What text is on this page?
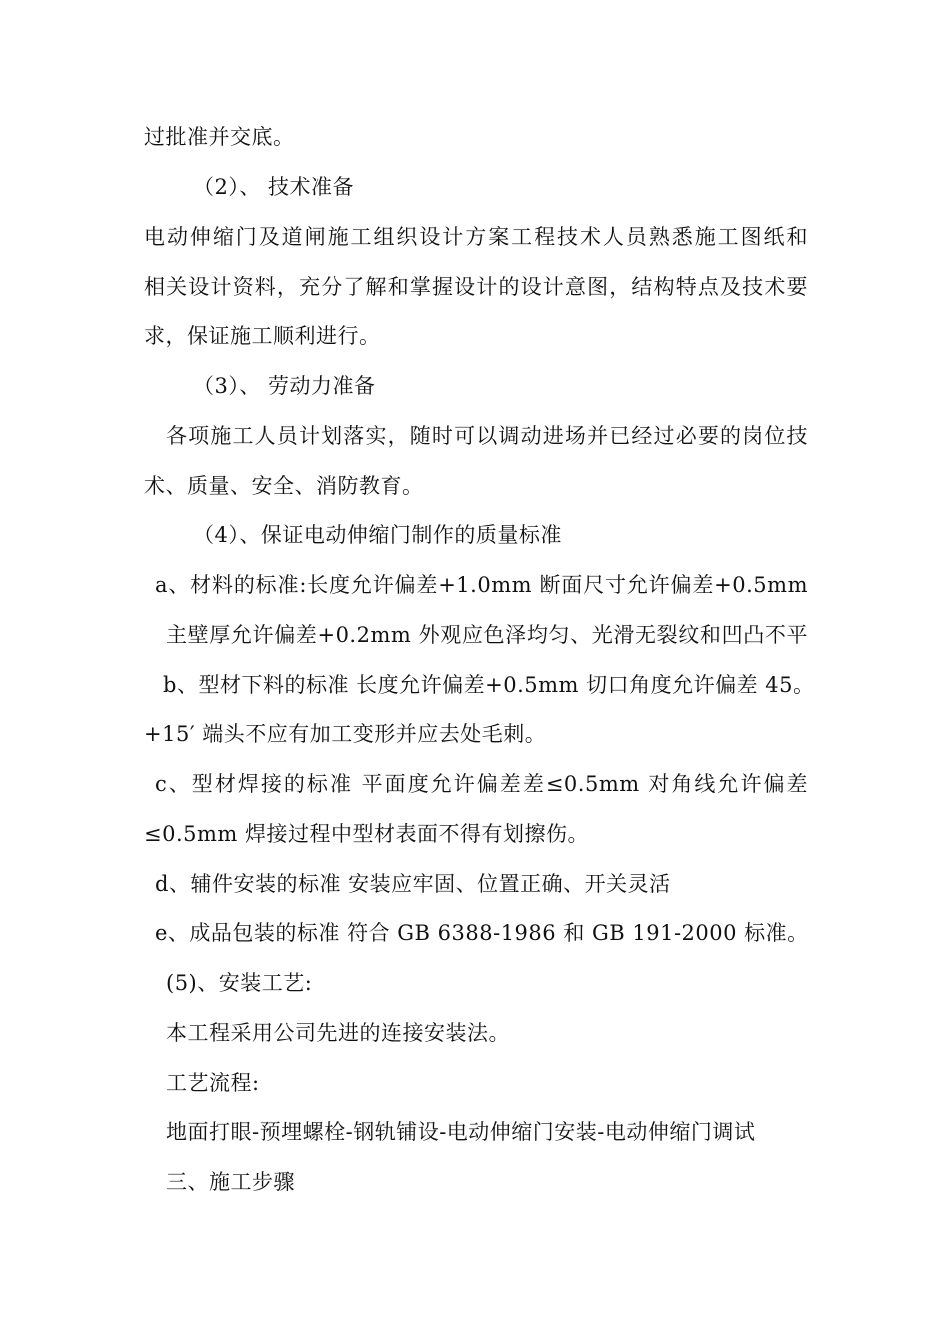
过批准并交底。
（2）、 技术准备
电动伸缩门及道闸施工组织设计方案工程技术人员熟悉施工图纸和
相关设计资料，充分了解和掌握设计的设计意图，结构特点及技术要
求，保证施工顺利进行。
（3）、 劳动力准备
各项施工人员计划落实，随时可以调动进场并已经过必要的岗位技
术、质量、安全、消防教育。
（4）、保证电动伸缩门制作的质量标准
a、材料的标准:长度允许偏差+1.0mm 断面尺寸允许偏差+0.5mm
主壁厚允许偏差+0.2mm 外观应色泽均匀、光滑无裂纹和凹凸不平
b、型材下料的标准 长度允许偏差+0.5mm 切口角度允许偏差 45。
+15′ 端头不应有加工变形并应去处毛刺。
c、型材焊接的标准 平面度允许偏差差≤0.5mm 对角线允许偏差
≤0.5mm 焊接过程中型材表面不得有划擦伤。
d、辅件安装的标准 安装应牢固、位置正确、开关灵活
e、成品包装的标准 符合 GB 6388-1986 和 GB 191-2000 标准。
(5)、安装工艺:
本工程采用公司先进的连接安装法。
工艺流程:
地面打眼-预埋螺栓-钢轨铺设-电动伸缩门安装-电动伸缩门调试
三、施工步骤
